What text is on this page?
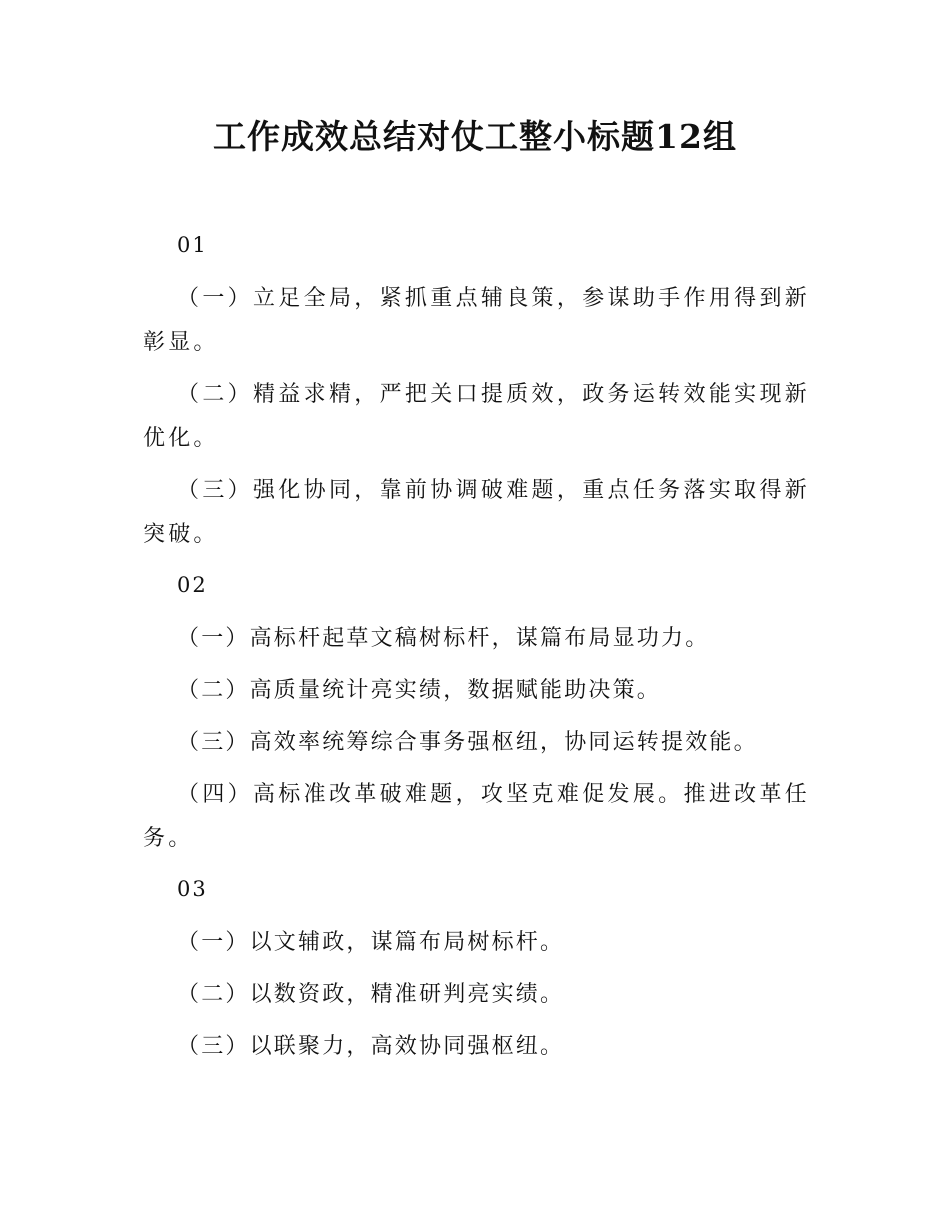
工作成效总结对仗工整小标题12组

01

（一）立足全局，紧抓重点辅良策，参谋助手作用得到新彰显。

（二）精益求精，严把关口提质效，政务运转效能实现新优化。

（三）强化协同，靠前协调破难题，重点任务落实取得新突破。

02

（一）高标杆起草文稿树标杆，谋篇布局显功力。

（二）高质量统计亮实绩，数据赋能助决策。

（三）高效率统筹综合事务强枢纽，协同运转提效能。

（四）高标准改革破难题，攻坚克难促发展。推进改革任务。

03

（一）以文辅政，谋篇布局树标杆。

（二）以数资政，精准研判亮实绩。

（三）以联聚力，高效协同强枢纽。
